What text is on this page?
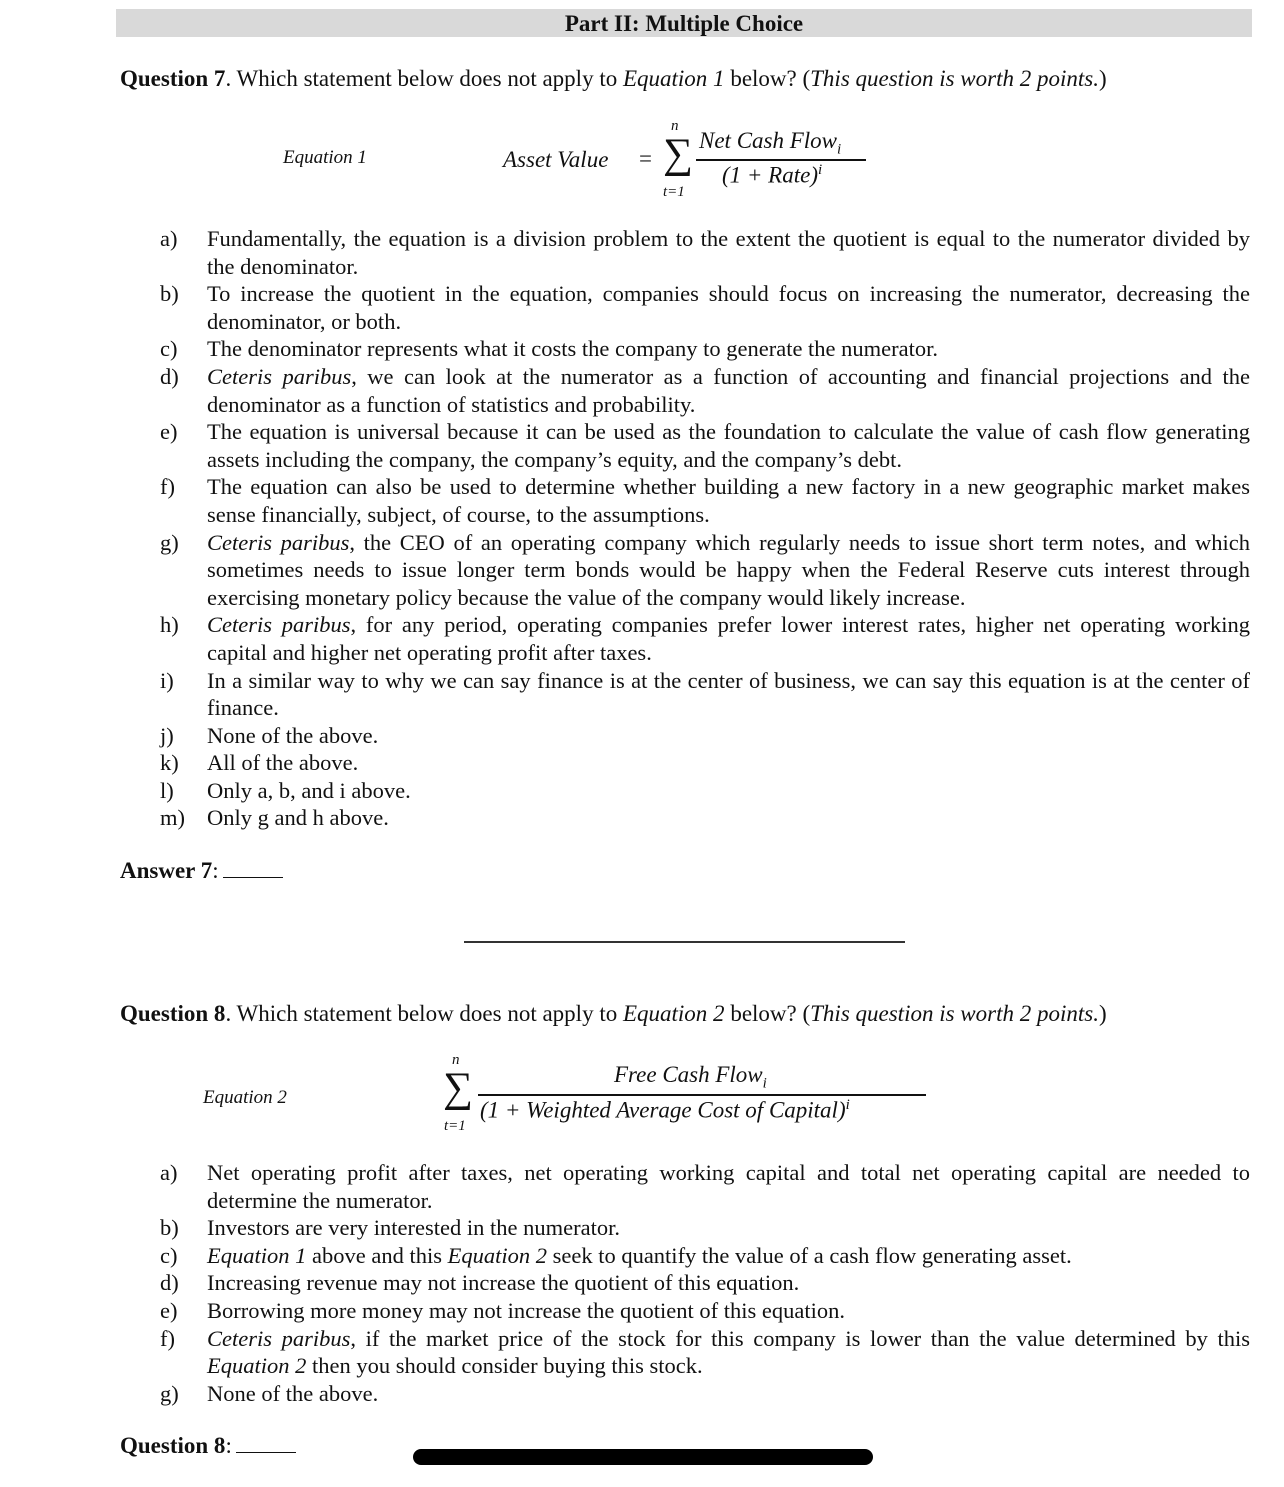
Part II: Multiple Choice
Question 7. Which statement below does not apply to Equation 1 below? (This question is worth 2 points.)
Equation 1	Asset Value =
n
∑
t=1
Net Cash Flow$_i$
(1 + Rate)$^i$
a)	Fundamentally, the equation is a division problem to the extent the quotient is equal to the numerator divided by the denominator.
b)	To increase the quotient in the equation, companies should focus on increasing the numerator, decreasing the denominator, or both.
c)	The denominator represents what it costs the company to generate the numerator.
d)	Ceteris paribus, we can look at the numerator as a function of accounting and financial projections and the denominator as a function of statistics and probability.
e)	The equation is universal because it can be used as the foundation to calculate the value of cash flow generating assets including the company, the company’s equity, and the company’s debt.
f)	The equation can also be used to determine whether building a new factory in a new geographic market makes sense financially, subject, of course, to the assumptions.
g)	Ceteris paribus, the CEO of an operating company which regularly needs to issue short term notes, and which sometimes needs to issue longer term bonds would be happy when the Federal Reserve cuts interest through exercising monetary policy because the value of the company would likely increase.
h)	Ceteris paribus, for any period, operating companies prefer lower interest rates, higher net operating working capital and higher net operating profit after taxes.
i)	In a similar way to why we can say finance is at the center of business, we can say this equation is at the center of finance.
j)	None of the above.
k)	All of the above.
l)	Only a, b, and i above.
m) Only g and h above.
Answer 7:
Question 8. Which statement below does not apply to Equation 2 below? (This question is worth 2 points.)
Equation 2
n
∑
t=1
Free Cash Flow$_i$
(1 + Weighted Average Cost of Capital)$^i$
a)	Net operating profit after taxes, net operating working capital and total net operating capital are needed to determine the numerator.
b)	Investors are very interested in the numerator.
c)	Equation 1 above and this Equation 2 seek to quantify the value of a cash flow generating asset.
d)	Increasing revenue may not increase the quotient of this equation.
e)	Borrowing more money may not increase the quotient of this equation.
f)	Ceteris paribus, if the market price of the stock for this company is lower than the value determined by this Equation 2 then you should consider buying this stock.
g)	None of the above.
Question 8:
